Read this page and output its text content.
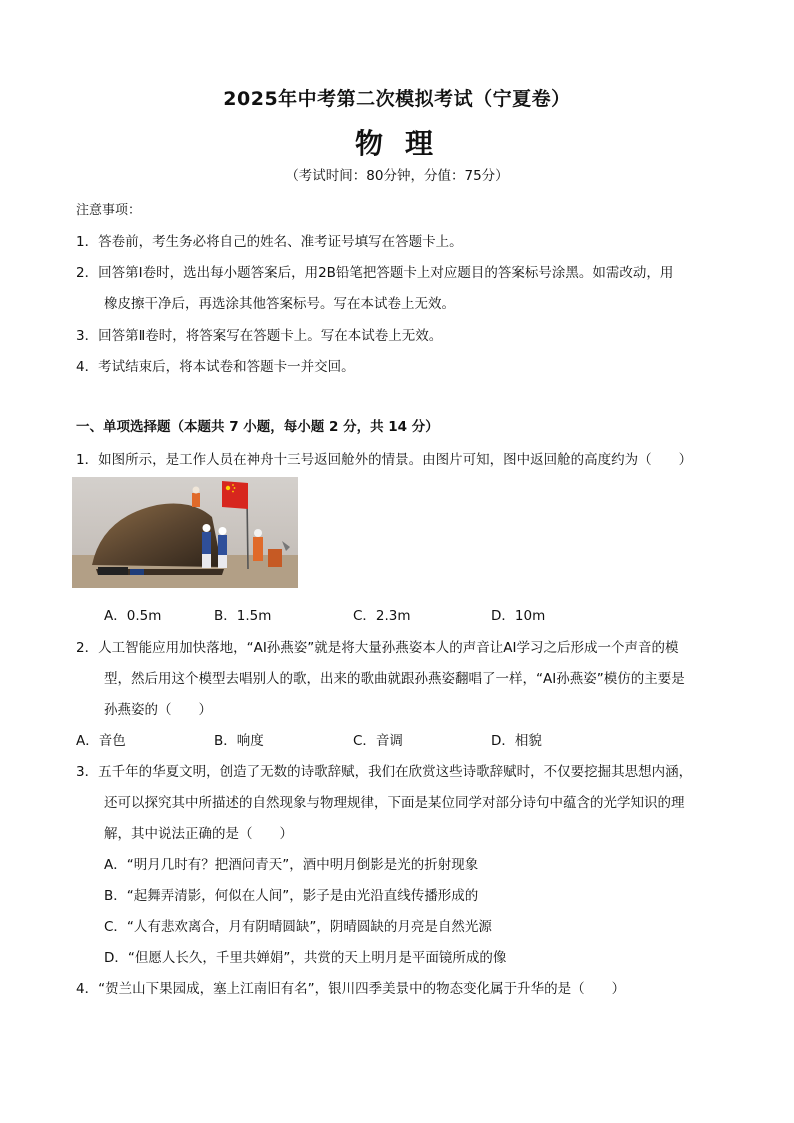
2025年中考第二次模拟考试（宁夏卷）
物理
（考试时间：80分钟，分值：75分）
注意事项：
1．答卷前，考生务必将自己的姓名、准考证号填写在答题卡上。
2．回答第Ⅰ卷时，选出每小题答案后，用2B铅笔把答题卡上对应题目的答案标号涂黑。如需改动，用
橡皮擦干净后，再选涂其他答案标号。写在本试卷上无效。
3．回答第Ⅱ卷时，将答案写在答题卡上。写在本试卷上无效。
4．考试结束后，将本试卷和答题卡一并交回。
一、单项选择题（本题共 7 小题，每小题 2 分，共 14 分）
1．如图所示，是工作人员在神舟十三号返回舱外的情景。由图片可知，图中返回舱的高度约为（　　）
A．0.5m	B．1.5m	C．2.3m	D．10m
2．人工智能应用加快落地，“AI孙燕姿”就是将大量孙燕姿本人的声音让AI学习之后形成一个声音的模
型，然后用这个模型去唱别人的歌，出来的歌曲就跟孙燕姿翻唱了一样，“AI孙燕姿”模仿的主要是
孙燕姿的（　　）
A．音色	B．响度	C．音调	D．相貌
3．五千年的华夏文明，创造了无数的诗歌辞赋，我们在欣赏这些诗歌辞赋时，不仅要挖掘其思想内涵，
还可以探究其中所描述的自然现象与物理规律，下面是某位同学对部分诗句中蕴含的光学知识的理
解，其中说法正确的是（　　）
A．“明月几时有？把酒问青天”，酒中明月倒影是光的折射现象
B．“起舞弄清影，何似在人间”，影子是由光沿直线传播形成的
C．“人有悲欢离合，月有阴晴圆缺”，阴晴圆缺的月亮是自然光源
D．“但愿人长久，千里共婵娟”，共赏的天上明月是平面镜所成的像
4．“贺兰山下果园成，塞上江南旧有名”，银川四季美景中的物态变化属于升华的是（　　）
